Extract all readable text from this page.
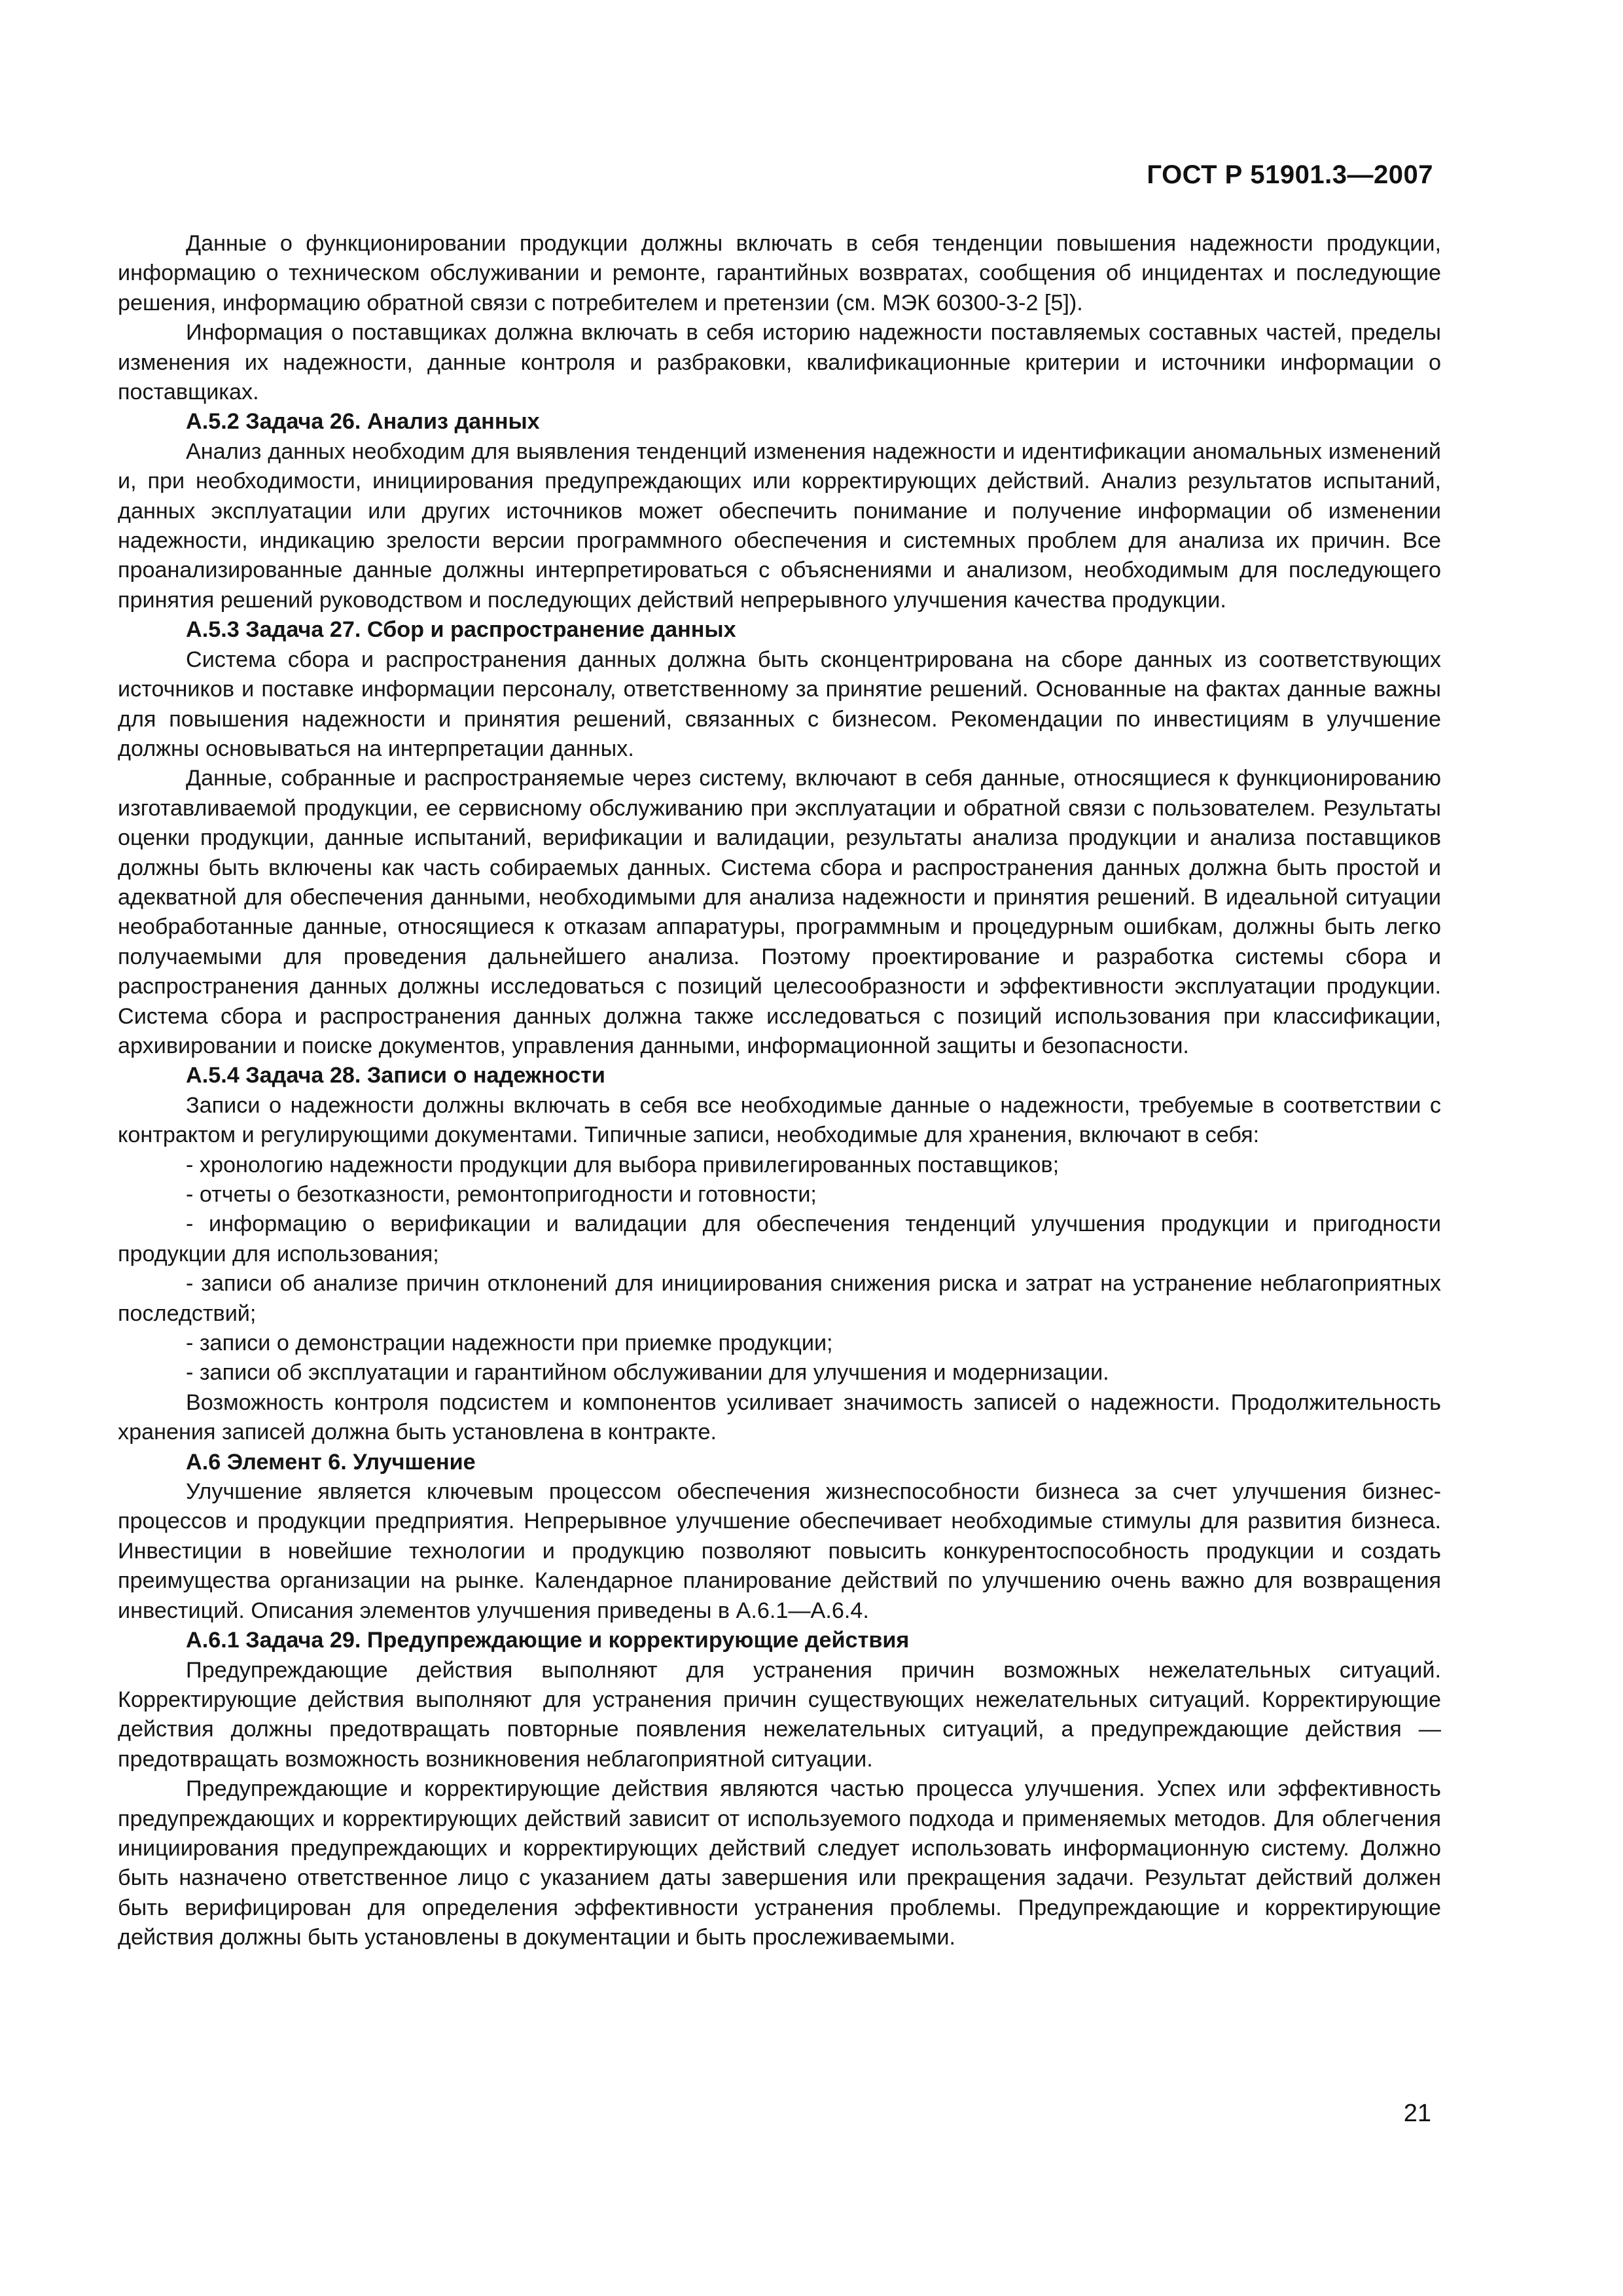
ГОСТ Р 51901.3—2007

Данные о функционировании продукции должны включать в себя тенденции повышения надежности продукции, информацию о техническом обслуживании и ремонте, гарантийных возвратах, сообщения об инцидентах и последующие решения, информацию обратной связи с потребителем и претензии (см. МЭК 60300-3-2 [5]).

Информация о поставщиках должна включать в себя историю надежности поставляемых составных частей, пределы изменения их надежности, данные контроля и разбраковки, квалификационные критерии и источники информации о поставщиках.

А.5.2 Задача 26. Анализ данных

Анализ данных необходим для выявления тенденций изменения надежности и идентификации аномальных изменений и, при необходимости, инициирования предупреждающих или корректирующих действий. Анализ результатов испытаний, данных эксплуатации или других источников может обеспечить понимание и получение информации об изменении надежности, индикацию зрелости версии программного обеспечения и системных проблем для анализа их причин. Все проанализированные данные должны интерпретироваться с объяснениями и анализом, необходимым для последующего принятия решений руководством и последующих действий непрерывного улучшения качества продукции.

А.5.3 Задача 27. Сбор и распространение данных

Система сбора и распространения данных должна быть сконцентрирована на сборе данных из соответствующих источников и поставке информации персоналу, ответственному за принятие решений. Основанные на фактах данные важны для повышения надежности и принятия решений, связанных с бизнесом. Рекомендации по инвестициям в улучшение должны основываться на интерпретации данных.

Данные, собранные и распространяемые через систему, включают в себя данные, относящиеся к функционированию изготавливаемой продукции, ее сервисному обслуживанию при эксплуатации и обратной связи с пользователем. Результаты оценки продукции, данные испытаний, верификации и валидации, результаты анализа продукции и анализа поставщиков должны быть включены как часть собираемых данных. Система сбора и распространения данных должна быть простой и адекватной для обеспечения данными, необходимыми для анализа надежности и принятия решений. В идеальной ситуации необработанные данные, относящиеся к отказам аппаратуры, программным и процедурным ошибкам, должны быть легко получаемыми для проведения дальнейшего анализа. Поэтому проектирование и разработка системы сбора и распространения данных должны исследоваться с позиций целесообразности и эффективности эксплуатации продукции. Система сбора и распространения данных должна также исследоваться с позиций использования при классификации, архивировании и поиске документов, управления данными, информационной защиты и безопасности.

А.5.4 Задача 28. Записи о надежности

Записи о надежности должны включать в себя все необходимые данные о надежности, требуемые в соответствии с контрактом и регулирующими документами. Типичные записи, необходимые для хранения, включают в себя:

- хронологию надежности продукции для выбора привилегированных поставщиков;

- отчеты о безотказности, ремонтопригодности и готовности;

- информацию о верификации и валидации для обеспечения тенденций улучшения продукции и пригодности продукции для использования;

- записи об анализе причин отклонений для инициирования снижения риска и затрат на устранение неблагоприятных последствий;

- записи о демонстрации надежности при приемке продукции;

- записи об эксплуатации и гарантийном обслуживании для улучшения и модернизации.

Возможность контроля подсистем и компонентов усиливает значимость записей о надежности. Продолжительность хранения записей должна быть установлена в контракте.

А.6 Элемент 6. Улучшение

Улучшение является ключевым процессом обеспечения жизнеспособности бизнеса за счет улучшения бизнес-процессов и продукции предприятия. Непрерывное улучшение обеспечивает необходимые стимулы для развития бизнеса. Инвестиции в новейшие технологии и продукцию позволяют повысить конкурентоспособность продукции и создать преимущества организации на рынке. Календарное планирование действий по улучшению очень важно для возвращения инвестиций. Описания элементов улучшения приведены в А.6.1—А.6.4.

А.6.1 Задача 29. Предупреждающие и корректирующие действия

Предупреждающие действия выполняют для устранения причин возможных нежелательных ситуаций. Корректирующие действия выполняют для устранения причин существующих нежелательных ситуаций. Корректирующие действия должны предотвращать повторные появления нежелательных ситуаций, а предупреждающие действия — предотвращать возможность возникновения неблагоприятной ситуации.

Предупреждающие и корректирующие действия являются частью процесса улучшения. Успех или эффективность предупреждающих и корректирующих действий зависит от используемого подхода и применяемых методов. Для облегчения инициирования предупреждающих и корректирующих действий следует использовать информационную систему. Должно быть назначено ответственное лицо с указанием даты завершения или прекращения задачи. Результат действий должен быть верифицирован для определения эффективности устранения проблемы. Предупреждающие и корректирующие действия должны быть установлены в документации и быть прослеживаемыми.

21
